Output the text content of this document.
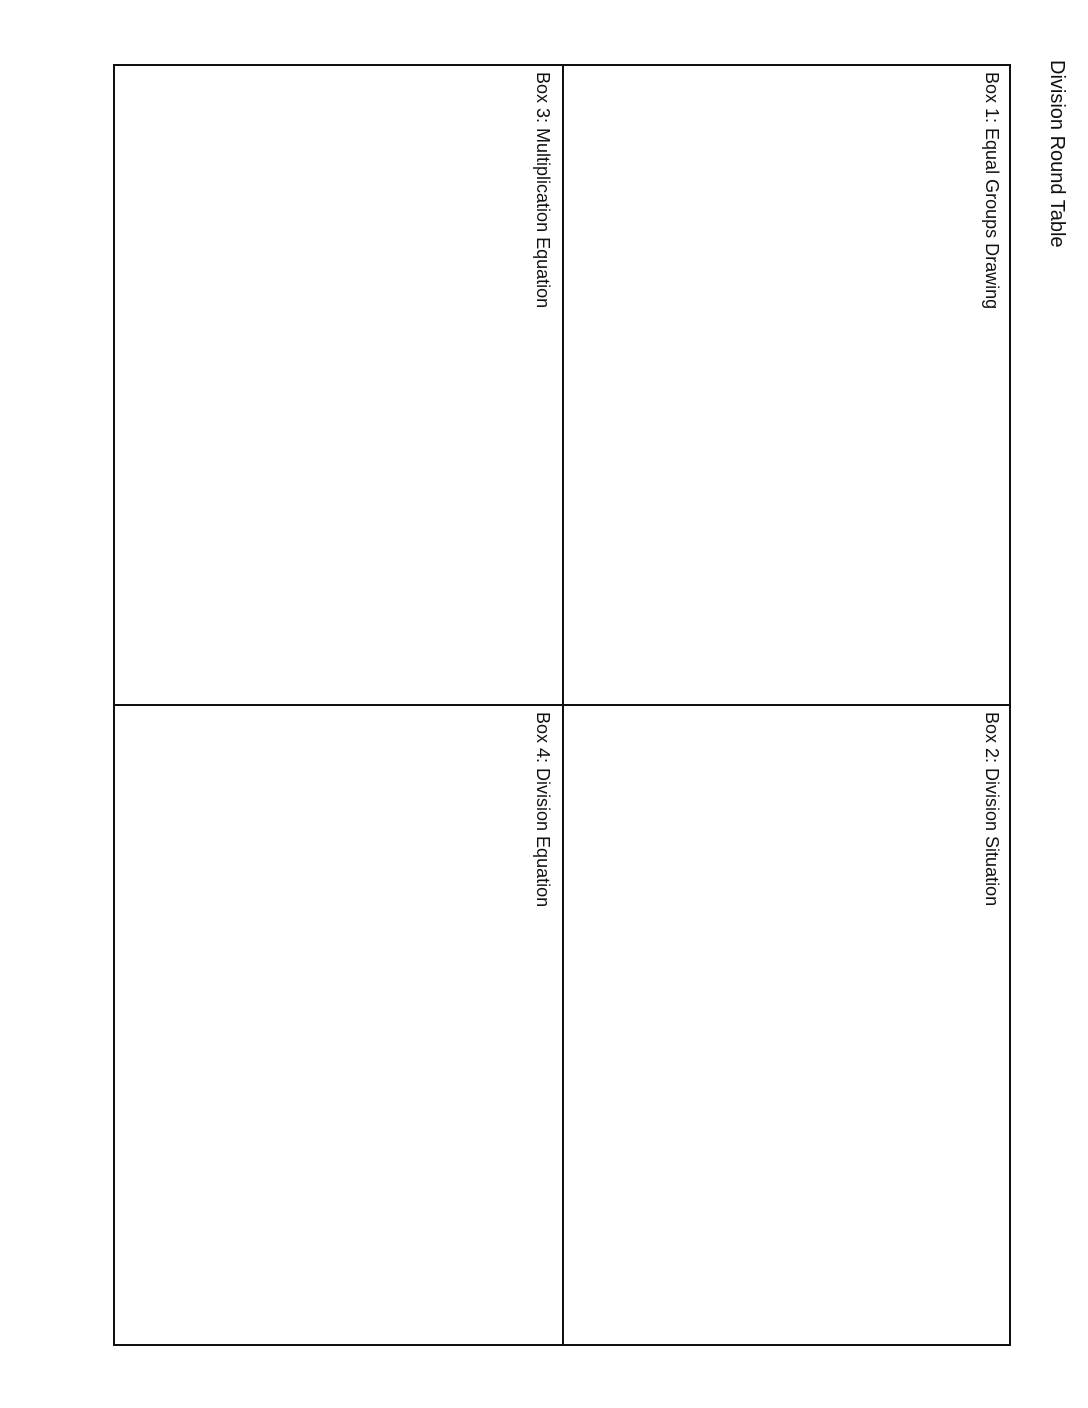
Division Round Table
Box 1: Equal Groups Drawing
Box 2: Division Situation
Box 3: Multiplication Equation
Box 4: Division Equation
